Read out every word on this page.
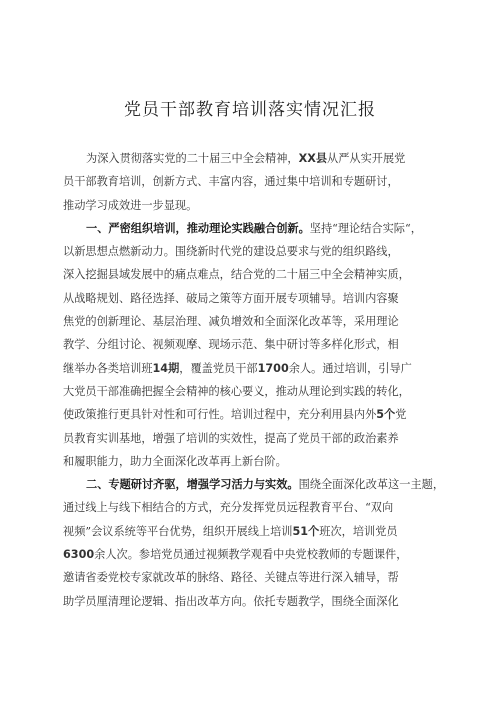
党员干部教育培训落实情况汇报
为深入贯彻落实党的二十届三中全会精神，XX县从严从实开展党
员干部教育培训，创新方式、丰富内容，通过集中培训和专题研讨，
推动学习成效进一步显现。
一、严密组织培训，推动理论实践融合创新。坚持“理论结合实际“，
以新思想点燃新动力。围绕新时代党的建设总要求与党的组织路线，
深入挖掘县域发展中的痛点难点，结合党的二十届三中全会精神实质，
从战略规划、路径选择、破局之策等方面开展专项辅导。培训内容聚
焦党的创新理论、基层治理、减负增效和全面深化改革等，采用理论
教学、分组讨论、视频观摩、现场示范、集中研讨等多样化形式，相
继举办各类培训班14期，覆盖党员干部1700余人。通过培训，引导广
大党员干部准确把握全会精神的核心要义，推动从理论到实践的转化，
使政策推行更具针对性和可行性。培训过程中，充分利用县内外5个党
员教育实训基地，增强了培训的实效性，提高了党员干部的政治素养
和履职能力，助力全面深化改革再上新台阶。
二、专题研讨齐驱，增强学习活力与实效。围绕全面深化改革这一主题，
通过线上与线下相结合的方式，充分发挥党员远程教育平台、“双向
视频”会议系统等平台优势，组织开展线上培训51个班次，培训党员
6300余人次。参培党员通过视频教学观看中央党校教师的专题课件，
邀请省委党校专家就改革的脉络、路径、关键点等进行深入辅导，帮
助学员厘清理论逻辑、指出改革方向。依托专题教学，围绕全面深化
